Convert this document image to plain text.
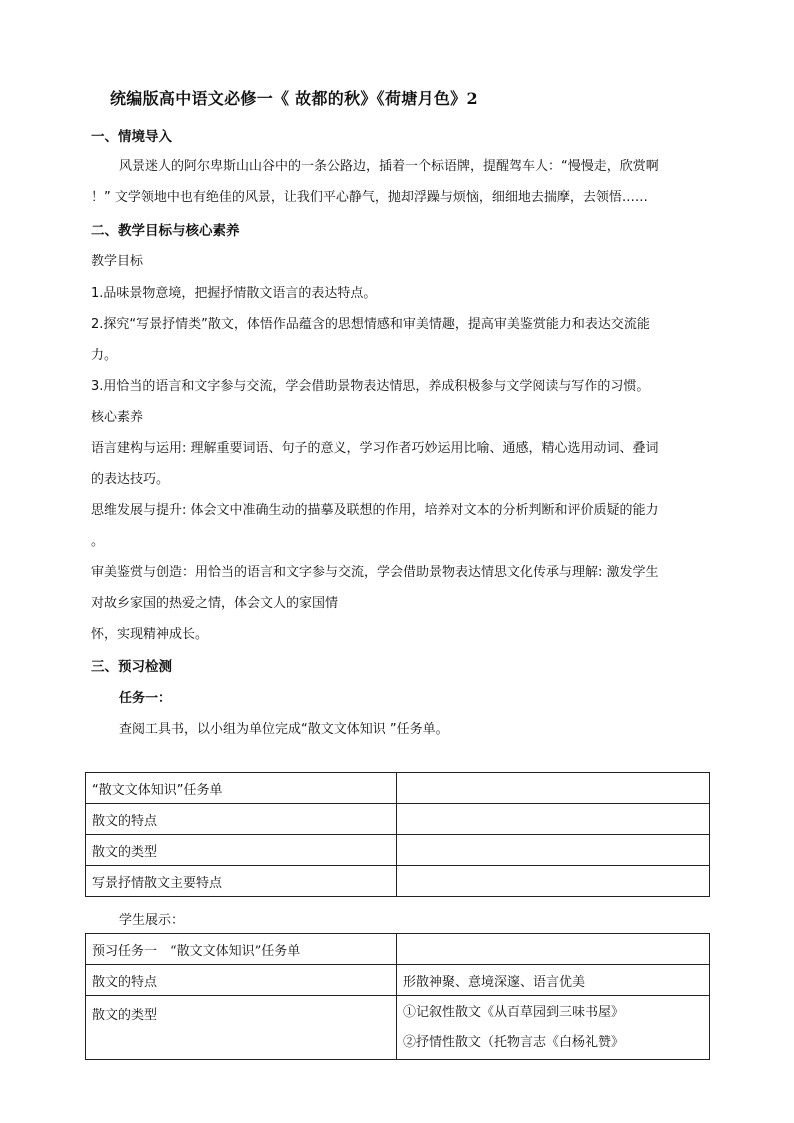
统编版高中语文必修一《 故都的秋》《荷塘月色》2
一、情境导入
风景迷人的阿尔卑斯山山谷中的一条公路边，插着一个标语牌，提醒驾车人：“慢慢走，欣赏啊
！” 文学领地中也有绝佳的风景，让我们平心静气，抛却浮躁与烦恼，细细地去揣摩，去领悟……
二、教学目标与核心素养
教学目标
1.品味景物意境，把握抒情散文语言的表达特点。
2.探究“写景抒情类”散文，体悟作品蕴含的思想情感和审美情趣，提高审美鉴赏能力和表达交流能
力。
3.用恰当的语言和文字参与交流，学会借助景物表达情思，养成积极参与文学阅读与写作的习惯。
核心素养
语言建构与运用: 理解重要词语、句子的意义，学习作者巧妙运用比喻、通感，精心选用动词、叠词
的表达技巧。
思维发展与提升: 体会文中准确生动的描摹及联想的作用，培养对文本的分析判断和评价质疑的能力
。
审美鉴赏与创造：用恰当的语言和文字参与交流，学会借助景物表达情思文化传承与理解: 激发学生
对故乡家国的热爱之情，体会文人的家国情
怀，实现精神成长。
三、预习检测
任务一：
查阅工具书，以小组为单位完成“散文文体知识 ”任务单。
“散文文体知识”任务单	
散文的特点	
散文的类型	
写景抒情散文主要特点	
学生展示：
预习任务一　“散文文体知识”任务单	
散文的特点	形散神聚、意境深邃、语言优美
散文的类型	①记叙性散文《从百草园到三味书屋》
②抒情性散文（托物言志《白杨礼赞》
